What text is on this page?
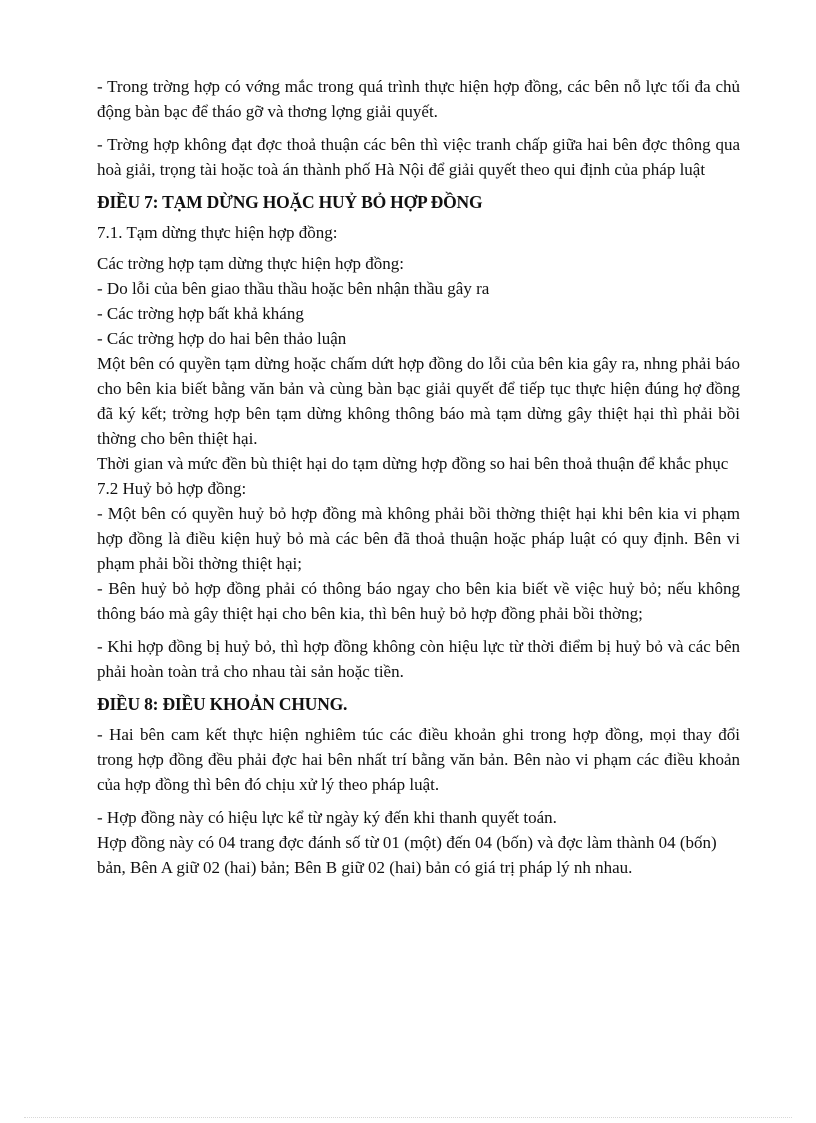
- Trong trờng hợp có vớng mắc trong quá trình thực hiện hợp đồng, các bên nỗ lực tối đa chủ động bàn bạc để tháo gỡ và thơng lợng giải quyết.

- Trờng hợp không đạt đợc thoả thuận các bên thì việc tranh chấp giữa hai bên đợc thông qua hoà giải, trọng tài hoặc toà án thành phố Hà Nội để giải quyết theo qui định của pháp luật

ĐIỀU 7: TẠM DỪNG HOẶC HUỶ BỎ HỢP ĐỒNG

7.1. Tạm dừng thực hiện hợp đồng:

Các trờng hợp tạm dừng thực hiện hợp đồng:

- Do lỗi của bên giao thầu thầu hoặc bên nhận thầu gây ra

- Các trờng hợp bất khả kháng

- Các trờng hợp do hai bên thảo luận

Một bên có quyền tạm dừng hoặc chấm dứt hợp đồng do lỗi của bên kia gây ra, nhng phải báo cho bên kia biết bằng văn bản và cùng bàn bạc giải quyết để tiếp tục thực hiện đúng hợ đồng đã ký kết; trờng hợp bên tạm dừng không thông báo mà tạm dừng gây thiệt hại thì phải bồi thờng cho bên thiệt hại.

Thời gian và mức đền bù thiệt hại do tạm dừng hợp đồng so hai bên thoả thuận để khắc phục

7.2 Huỷ bỏ hợp đồng:

- Một bên có quyền huỷ bỏ hợp đồng mà không phải bồi thờng thiệt hại khi bên kia vi phạm hợp đồng là điều kiện huỷ bỏ mà các bên đã thoả thuận hoặc pháp luật có quy định. Bên vi phạm phải bồi thờng thiệt hại;

- Bên huỷ bỏ hợp đồng phải có thông báo ngay cho bên kia biết về việc huỷ bỏ; nếu không thông báo mà gây thiệt hại cho bên kia, thì bên huỷ bỏ hợp đồng phải bồi thờng;

- Khi hợp đồng bị huỷ bỏ, thì hợp đồng không còn hiệu lực từ thời điểm bị huỷ bỏ và các bên phải hoàn toàn trả cho nhau tài sản hoặc tiền.

ĐIỀU 8: ĐIỀU KHOẢN CHUNG.

- Hai bên cam kết thực hiện nghiêm túc các điều khoản ghi trong hợp đồng, mọi thay đổi trong hợp đồng đều phải đợc hai bên nhất trí bằng văn bản. Bên nào vi phạm các điều khoản của hợp đồng thì bên đó chịu xử lý theo pháp luật.

- Hợp đồng này có hiệu lực kể từ ngày ký đến khi thanh quyết toán.

Hợp đồng này có 04 trang đợc đánh số từ 01 (một) đến 04 (bốn) và đợc làm thành 04 (bốn) bản, Bên A giữ 02 (hai) bản; Bên B giữ 02 (hai) bản có giá trị pháp lý nh nhau.
